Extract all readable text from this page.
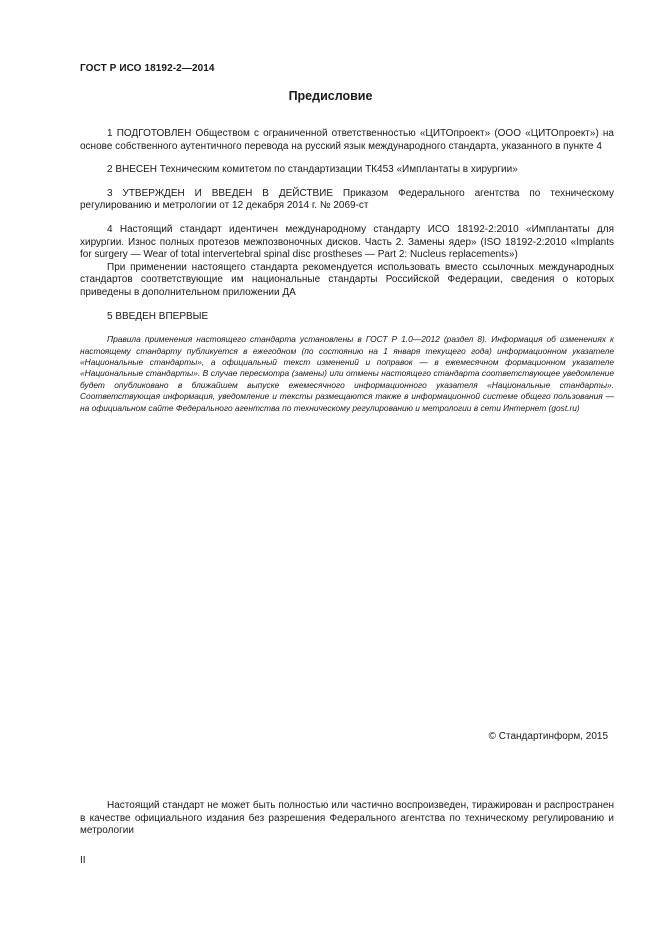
ГОСТ Р ИСО 18192-2—2014
Предисловие

1 ПОДГОТОВЛЕН Обществом с ограниченной ответственностью «ЦИТОпроект» (ООО «ЦИТОпроект») на основе собственного аутентичного перевода на русский язык международного стандарта, указанного в пункте 4

2 ВНЕСЕН Техническим комитетом по стандартизации ТК453 «Имплантаты в хирургии»

3 УТВЕРЖДЕН И ВВЕДЕН В ДЕЙСТВИЕ Приказом Федерального агентства по техническому регулированию и метрологии от 12 декабря 2014 г. № 2069-ст

4 Настоящий стандарт идентичен международному стандарту ИСО 18192-2:2010 «Имплантаты для хирургии. Износ полных протезов межпозвоночных дисков. Часть 2. Замены ядер» (ISO 18192-2:2010 «Implants for surgery — Wear of total intervertebral spinal disc prostheses — Part 2: Nucleus replacements»)

При применении настоящего стандарта рекомендуется использовать вместо ссылочных международных стандартов соответствующие им национальные стандарты Российской Федерации, сведения о которых приведены в дополнительном приложении ДА

5 ВВЕДЕН ВПЕРВЫЕ

Правила применения настоящего стандарта установлены в ГОСТ Р 1.0—2012 (раздел 8). Информация об изменениях к настоящему стандарту публикуется в ежегодном (по состоянию на 1 января текущего года) информационном указателе «Национальные стандарты», а официальный текст изменений и поправок — в ежемесячном формационном указателе «Национальные стандарты». В случае пересмотра (замены) или отмены настоящего стандарта соответствующее уведомление будет опубликовано в ближайшем выпуске ежемесячного информационного указателя «Национальные стандарты». Соответствующая информация, уведомление и тексты размещаются также в информационной системе общего пользования — на официальном сайте Федерального агентства по техническому регулированию и метрологии в сети Интернет (gost.ru)

© Стандартинформ, 2015

Настоящий стандарт не может быть полностью или частично воспроизведен, тиражирован и распространен в качестве официального издания без разрешения Федерального агентства по техническому регулированию и метрологии

II
